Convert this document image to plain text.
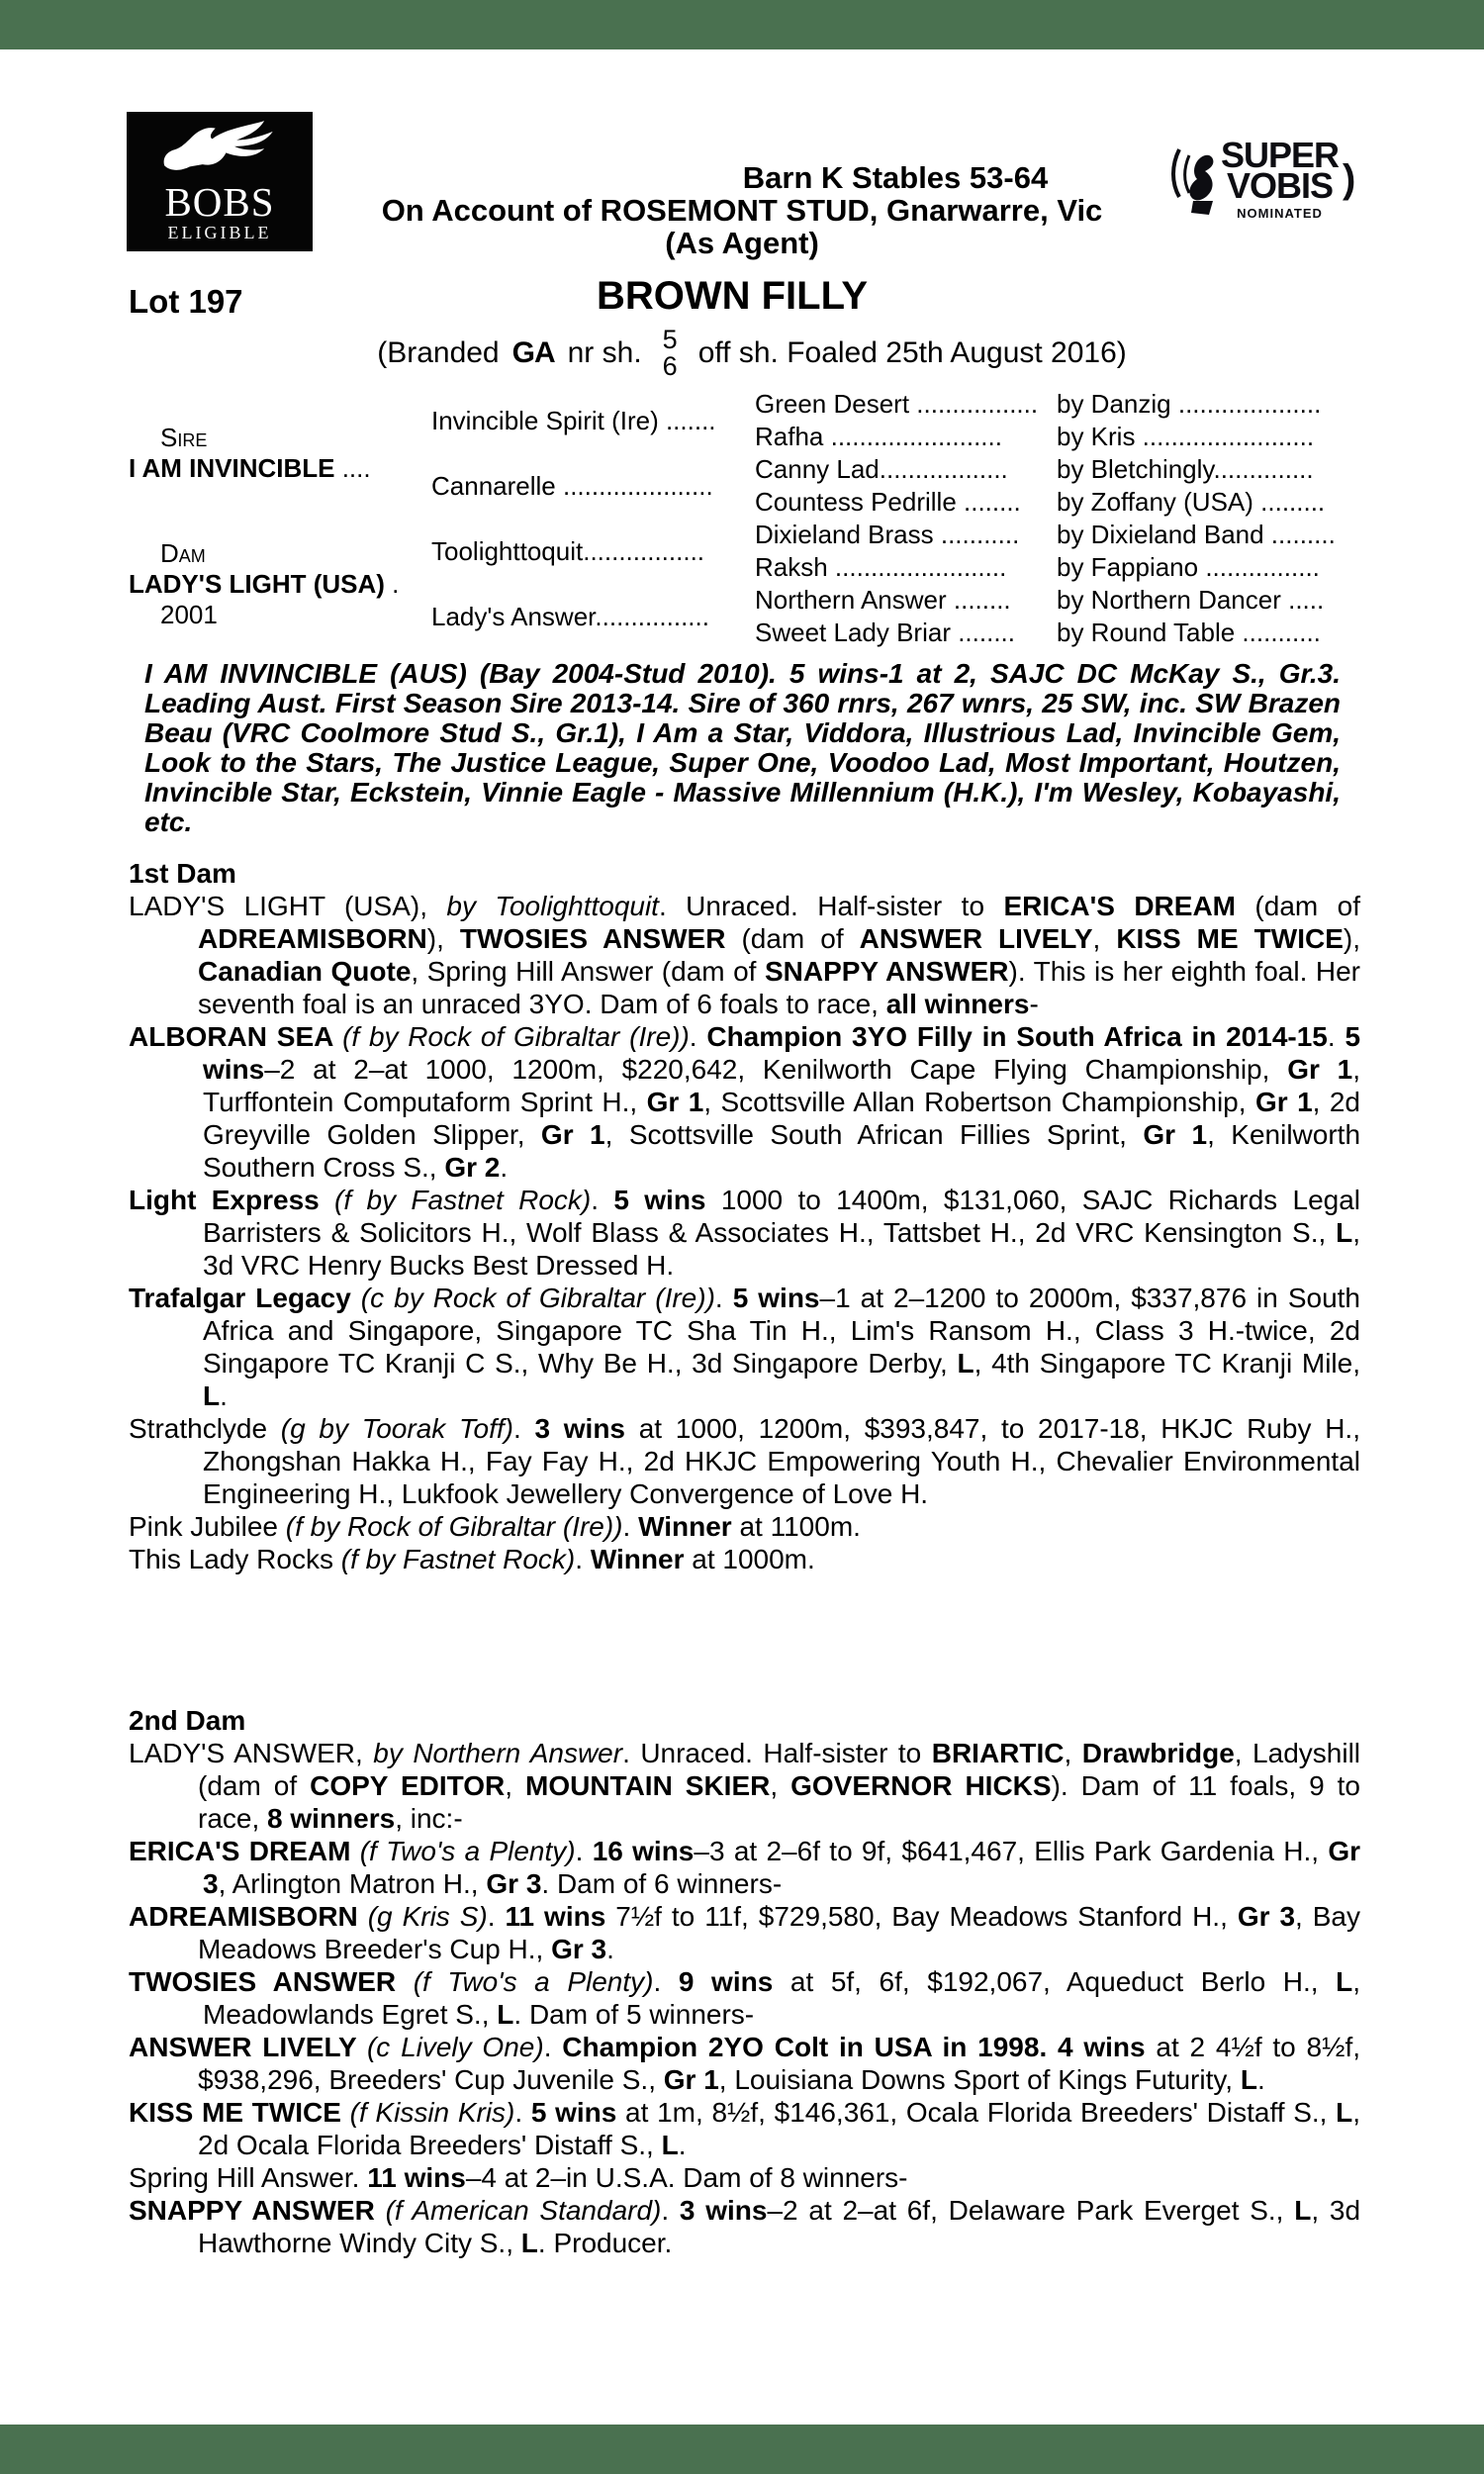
BOBS
ELIGIBLE
Barn K Stables 53-64
On Account of ROSEMONT STUD, Gnarwarre, Vic
(As Agent)
SUPER
VOBIS
NOMINATED
)
Lot 197	BROWN FILLY
(Branded GA nr sh. 5
6 off sh. Foaled 25th August 2016)
Sire
I AM INVINCIBLE ....
Dam
LADY'S LIGHT (USA) .
2001
Invincible Spirit (Ire) .......
Cannarelle .....................
Toolighttoquit.................
Lady's Answer................
Green Desert ................. by Danzig ....................
Rafha ........................	by Kris ........................
Canny Lad..................	by Bletchingly..............
Countess Pedrille ........	by Zoffany (USA) .........
Dixieland Brass ...........	by Dixieland Band .........
Raksh ........................	by Fappiano ................
Northern Answer ........	by Northern Dancer .....
Sweet Lady Briar ........	by Round Table ...........

I AM INVINCIBLE (AUS) (Bay 2004-Stud 2010). 5 wins-1 at 2, SAJC DC McKay S., Gr.3. Leading Aust. First Season Sire 2013-14. Sire of 360 rnrs, 267 wnrs, 25 SW, inc. SW Brazen Beau (VRC Coolmore Stud S., Gr.1), I Am a Star, Viddora, Illustrious Lad, Invincible Gem, Look to the Stars, The Justice League, Super One, Voodoo Lad, Most Important, Houtzen, Invincible Star, Eckstein, Vinnie Eagle - Massive Millennium (H.K.), I'm Wesley, Kobayashi, etc.

1st Dam

LADY'S LIGHT (USA), by Toolighttoquit. Unraced. Half-sister to ERICA'S DREAM (dam of ADREAMISBORN), TWOSIES ANSWER (dam of ANSWER LIVELY, KISS ME TWICE), Canadian Quote, Spring Hill Answer (dam of SNAPPY ANSWER). This is her eighth foal. Her seventh foal is an unraced 3YO. Dam of 6 foals to race, all winners-

ALBORAN SEA (f by Rock of Gibraltar (Ire)). Champion 3YO Filly in South Africa in 2014-15. 5 wins–2 at 2–at 1000, 1200m, $220,642, Kenilworth Cape Flying Championship, Gr 1, Turffontein Computaform Sprint H., Gr 1, Scottsville Allan Robertson Championship, Gr 1, 2d Greyville Golden Slipper, Gr 1, Scottsville South African Fillies Sprint, Gr 1, Kenilworth Southern Cross S., Gr 2.

Light Express (f by Fastnet Rock). 5 wins 1000 to 1400m, $131,060, SAJC Richards Legal Barristers & Solicitors H., Wolf Blass & Associates H., Tattsbet H., 2d VRC Kensington S., L, 3d VRC Henry Bucks Best Dressed H.

Trafalgar Legacy (c by Rock of Gibraltar (Ire)). 5 wins–1 at 2–1200 to 2000m, $337,876 in South Africa and Singapore, Singapore TC Sha Tin H., Lim's Ransom H., Class 3 H.-twice, 2d Singapore TC Kranji C S., Why Be H., 3d Singapore Derby, L, 4th Singapore TC Kranji Mile, L.

Strathclyde (g by Toorak Toff). 3 wins at 1000, 1200m, $393,847, to 2017-18, HKJC Ruby H., Zhongshan Hakka H., Fay Fay H., 2d HKJC Empowering Youth H., Chevalier Environmental Engineering H., Lukfook Jewellery Convergence of Love H.

Pink Jubilee (f by Rock of Gibraltar (Ire)). Winner at 1100m.

This Lady Rocks (f by Fastnet Rock). Winner at 1000m.

2nd Dam

LADY'S ANSWER, by Northern Answer. Unraced. Half-sister to BRIARTIC, Drawbridge, Ladyshill (dam of COPY EDITOR, MOUNTAIN SKIER, GOVERNOR HICKS). Dam of 11 foals, 9 to race, 8 winners, inc:-

ERICA'S DREAM (f Two's a Plenty). 16 wins–3 at 2–6f to 9f, $641,467, Ellis Park Gardenia H., Gr 3, Arlington Matron H., Gr 3. Dam of 6 winners-

ADREAMISBORN (g Kris S). 11 wins 7½f to 11f, $729,580, Bay Meadows Stanford H., Gr 3, Bay Meadows Breeder's Cup H., Gr 3.

TWOSIES ANSWER (f Two's a Plenty). 9 wins at 5f, 6f, $192,067, Aqueduct Berlo H., L, Meadowlands Egret S., L. Dam of 5 winners-

ANSWER LIVELY (c Lively One). Champion 2YO Colt in USA in 1998. 4 wins at 2 4½f to 8½f, $938,296, Breeders' Cup Juvenile S., Gr 1, Louisiana Downs Sport of Kings Futurity, L.

KISS ME TWICE (f Kissin Kris). 5 wins at 1m, 8½f, $146,361, Ocala Florida Breeders' Distaff S., L, 2d Ocala Florida Breeders' Distaff S., L.

Spring Hill Answer. 11 wins–4 at 2–in U.S.A. Dam of 8 winners-

SNAPPY ANSWER (f American Standard). 3 wins–2 at 2–at 6f, Delaware Park Everget S., L, 3d Hawthorne Windy City S., L. Producer.
